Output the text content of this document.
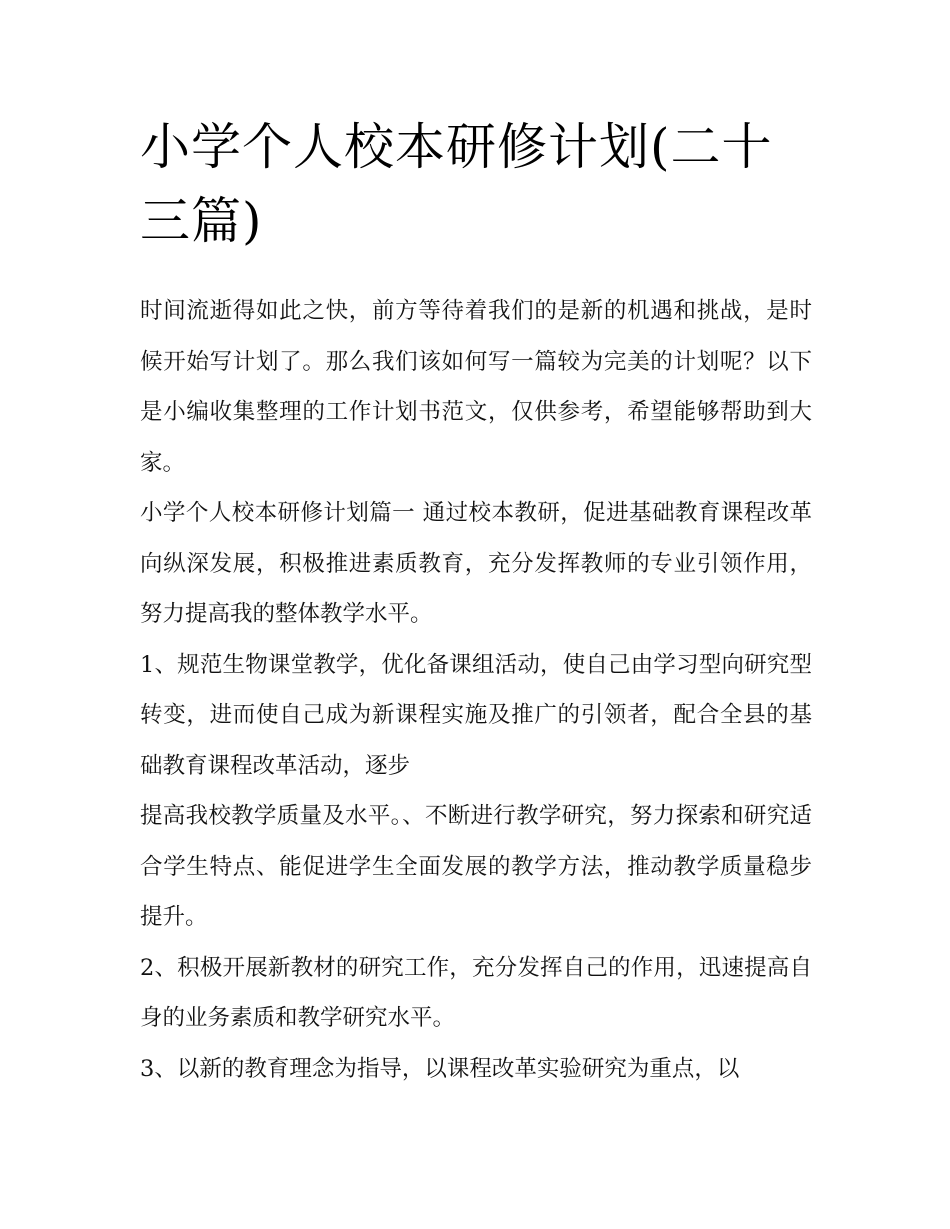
小学个人校本研修计划(二十三篇)

时间流逝得如此之快，前方等待着我们的是新的机遇和挑战，是时候开始写计划了。那么我们该如何写一篇较为完美的计划呢？以下是小编收集整理的工作计划书范文，仅供参考，希望能够帮助到大家。

小学个人校本研修计划篇一 通过校本教研，促进基础教育课程改革向纵深发展，积极推进素质教育，充分发挥教师的专业引领作用，努力提高我的整体教学水平。

1、规范生物课堂教学，优化备课组活动，使自己由学习型向研究型转变，进而使自己成为新课程实施及推广的引领者，配合全县的基础教育课程改革活动，逐步

提高我校教学质量及水平。、不断进行教学研究，努力探索和研究适合学生特点、能促进学生全面发展的教学方法，推动教学质量稳步提升。

2、积极开展新教材的研究工作，充分发挥自己的作用，迅速提高自身的业务素质和教学研究水平。

3、以新的教育理念为指导，以课程改革实验研究为重点，以
